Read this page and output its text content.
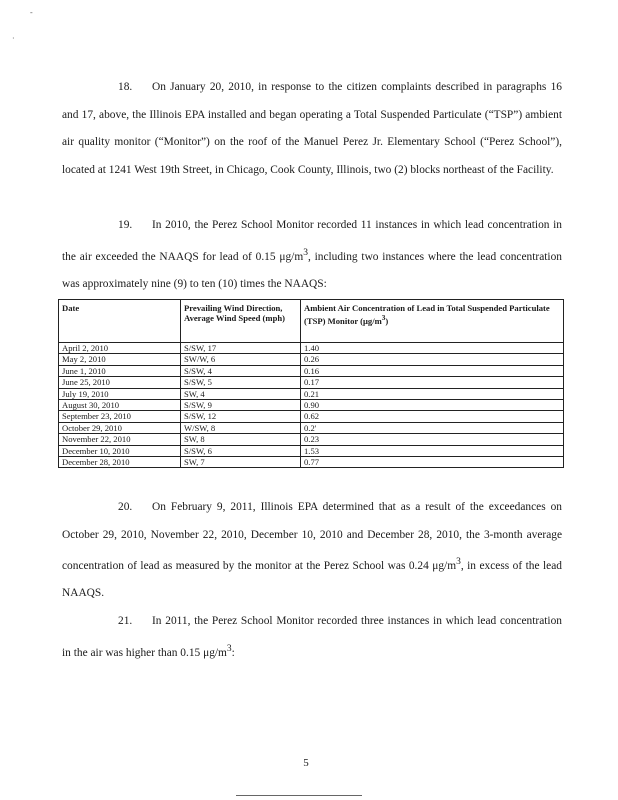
‑
·

18. On January 20, 2010, in response to the citizen complaints described in paragraphs 16 and 17, above, the Illinois EPA installed and began operating a Total Suspended Particulate (“TSP”) ambient air quality monitor (“Monitor”) on the roof of the Manuel Perez Jr. Elementary School (“Perez School”), located at 1241 West 19th Street, in Chicago, Cook County, Illinois, two (2) blocks northeast of the Facility.

19. In 2010, the Perez School Monitor recorded 11 instances in which lead concentration in the air exceeded the NAAQS for lead of 0.15 $\mu g/m^3$, including two instances where the lead concentration was approximately nine (9) to ten (10) times the NAAQS:

Date	Prevailing Wind Direction, Average Wind Speed (mph)	Ambient Air Concentration of Lead in Total Suspended Particulate (TSP) Monitor $(\mu g/m^3)$
April 2, 2010	S/SW, 17	1.40
May 2, 2010	SW/W, 6	0.26
June 1, 2010	S/SW, 4	0.16
June 25, 2010	S/SW, 5	0.17
July 19, 2010	SW, 4	0.21
August 30, 2010	S/SW, 9	0.90
September 23, 2010	S/SW, 12	0.62
October 29, 2010	W/SW, 8	0.2'
November 22, 2010	SW, 8	0.23
December 10, 2010	S/SW, 6	1.53
December 28, 2010	SW, 7	0.77

20. On February 9, 2011, Illinois EPA determined that as a result of the exceedances on October 29, 2010, November 22, 2010, December 10, 2010 and December 28, 2010, the 3-month average concentration of lead as measured by the monitor at the Perez School was 0.24 $\mu g/m^3$, in excess of the lead NAAQS.

21. In 2011, the Perez School Monitor recorded three instances in which lead concentration in the air was higher than 0.15 $\mu g/m^3$:

5
